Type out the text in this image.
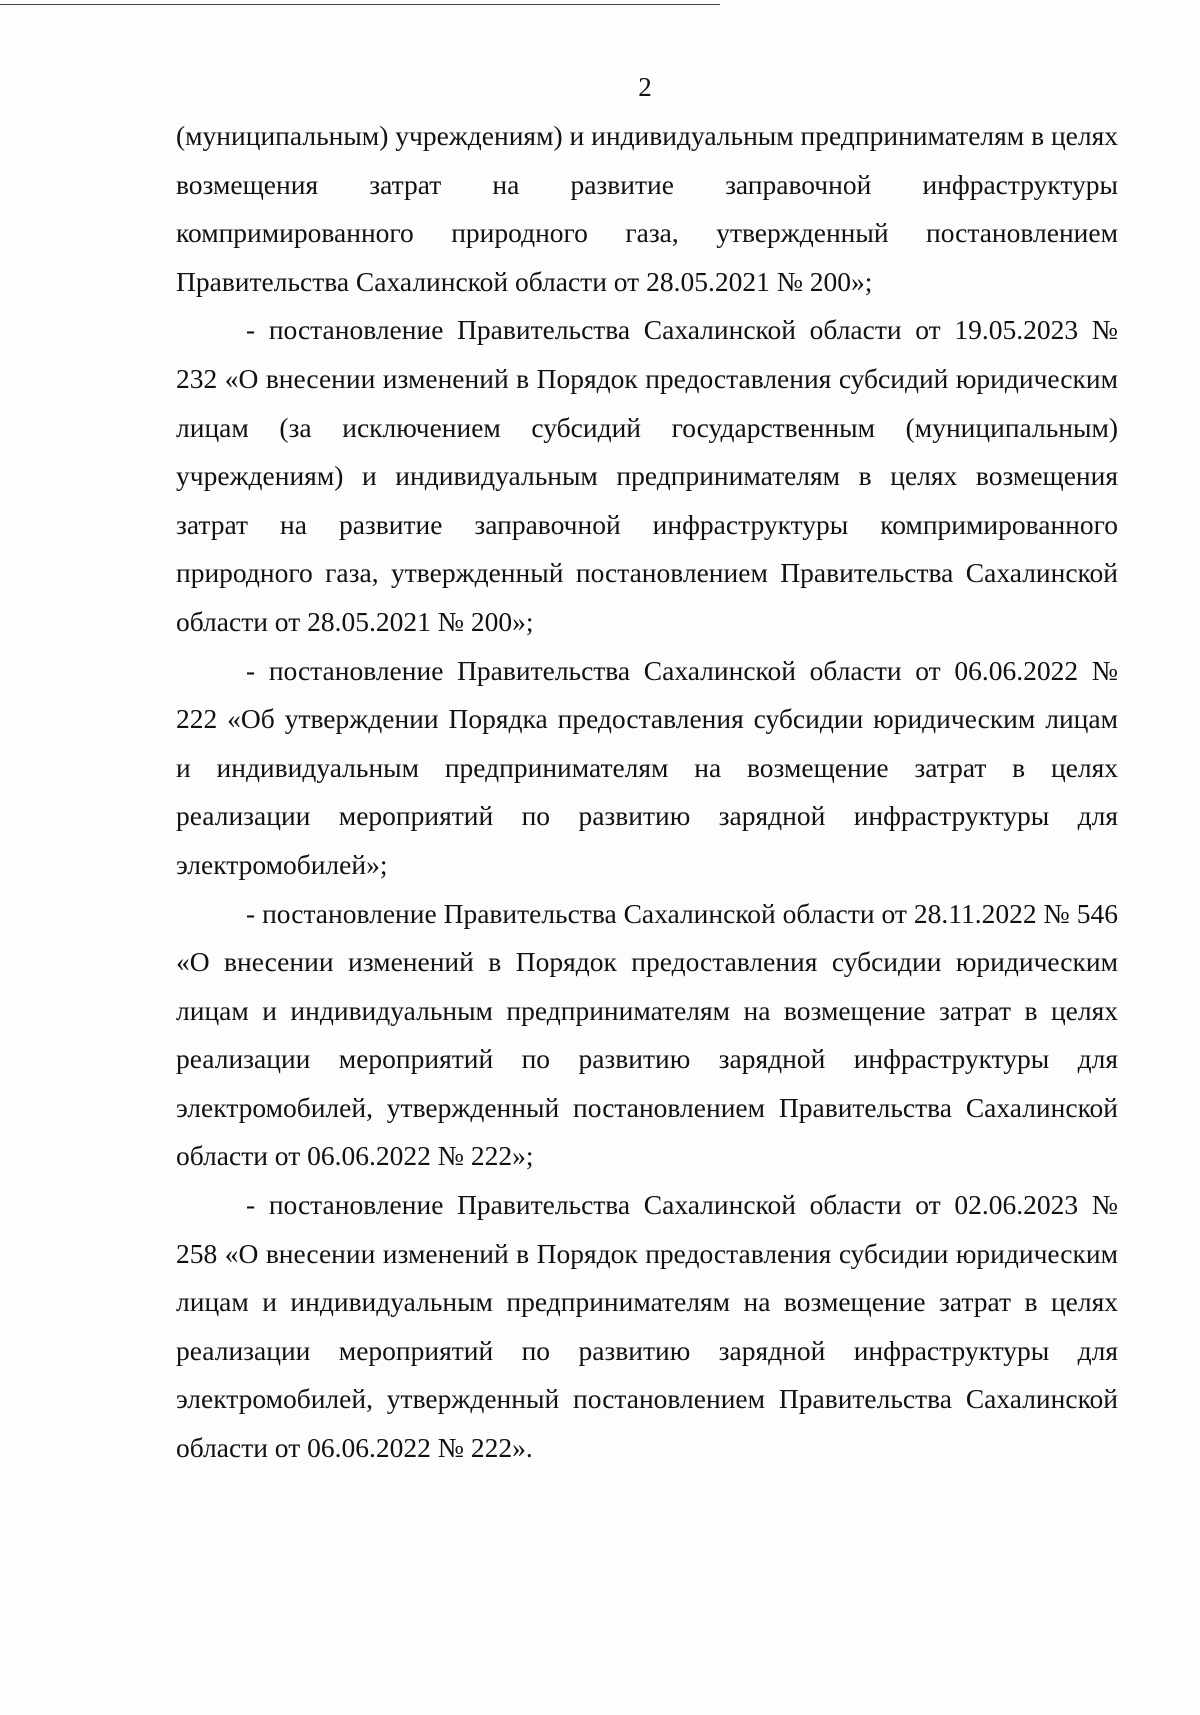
2

(муниципальным) учреждениям) и индивидуальным предпринимателям в целях возмещения затрат на развитие заправочной инфраструктуры компримированного природного газа, утвержденный постановлением Правительства Сахалинской области от 28.05.2021 № 200»;

- постановление Правительства Сахалинской области от 19.05.2023 № 232 «О внесении изменений в Порядок предоставления субсидий юридическим лицам (за исключением субсидий государственным (муниципальным) учреждениям) и индивидуальным предпринимателям в целях возмещения затрат на развитие заправочной инфраструктуры компримированного природного газа, утвержденный постановлением Правительства Сахалинской области от 28.05.2021 № 200»;

- постановление Правительства Сахалинской области от 06.06.2022 № 222 «Об утверждении Порядка предоставления субсидии юридическим лицам и индивидуальным предпринимателям на возмещение затрат в целях реализации мероприятий по развитию зарядной инфраструктуры для электромобилей»;

- постановление Правительства Сахалинской области от 28.11.2022 № 546 «О внесении изменений в Порядок предоставления субсидии юридическим лицам и индивидуальным предпринимателям на возмещение затрат в целях реализации мероприятий по развитию зарядной инфраструктуры для электромобилей, утвержденный постановлением Правительства Сахалинской области от 06.06.2022 № 222»;

- постановление Правительства Сахалинской области от 02.06.2023 № 258 «О внесении изменений в Порядок предоставления субсидии юридическим лицам и индивидуальным предпринимателям на возмещение затрат в целях реализации мероприятий по развитию зарядной инфраструктуры для электромобилей, утвержденный постановлением Правительства Сахалинской области от 06.06.2022 № 222».
